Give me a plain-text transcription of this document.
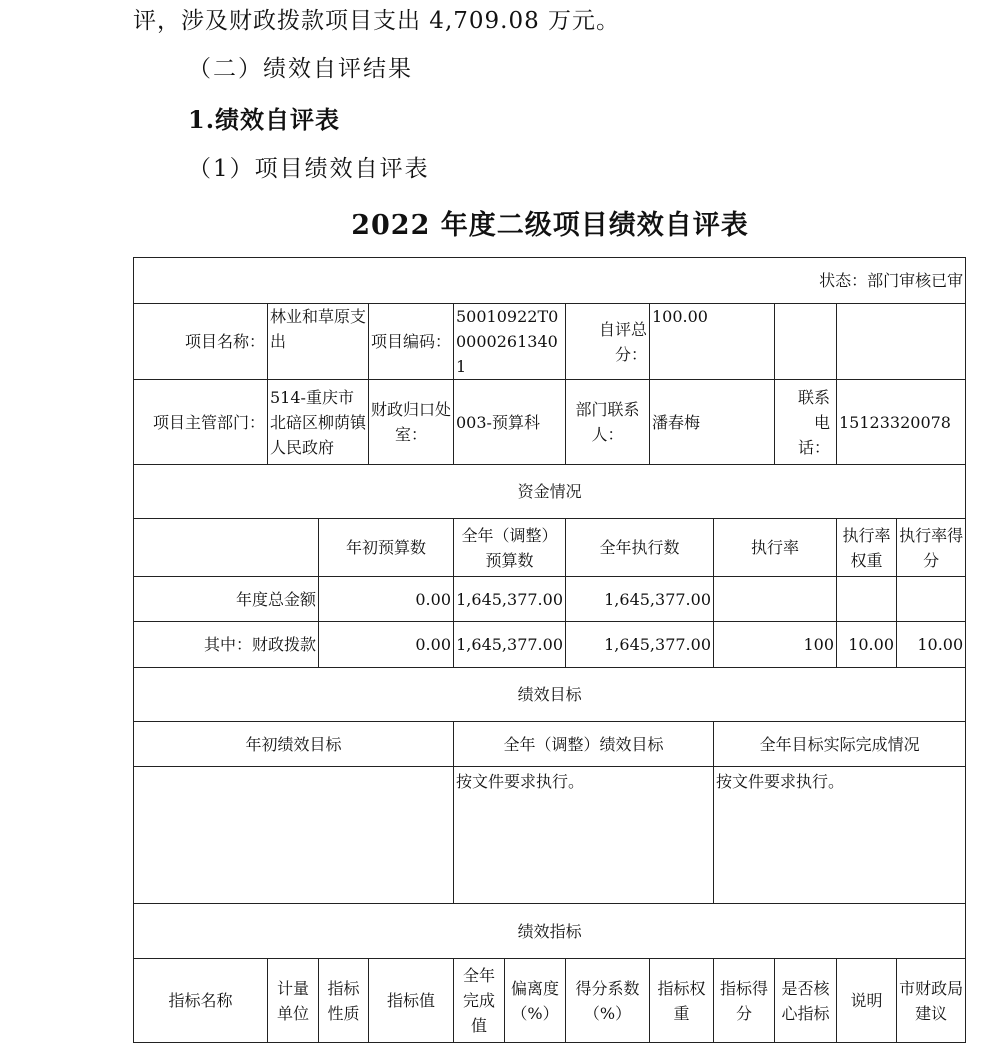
评，涉及财政拨款项目支出 4,709.08 万元。
（二）绩效自评结果
1.绩效自评表
（1）项目绩效自评表
2022 年度二级项目绩效自评表
状态：部门审核已审											
项目名称：	林业和草原支出		项目编码：	50010922T000002613401		自评总分：	100.00				
项目主管部门：	514-重庆市北碚区柳荫镇人民政府		财政归口处室：	003-预算科		部门联系人：	潘春梅		联系电话：	15123320078	
资金情况											
		年初预算数		全年（调整）预算数		全年执行数		执行率		执行率权重	执行率得分
年度总金额		0.00		1,645,377.00		1,645,377.00					
其中：财政拨款		0.00		1,645,377.00		1,645,377.00		100		10.00	10.00
绩效目标											
年初绩效目标				全年（调整）绩效目标				全年目标实际完成情况			
				按文件要求执行。				按文件要求执行。			
绩效指标											
指标名称	计量单位	指标性质	指标值	全年完成值	偏离度（%）	得分系数（%）	指标权重	指标得分	是否核心指标	说明	市财政局建议
